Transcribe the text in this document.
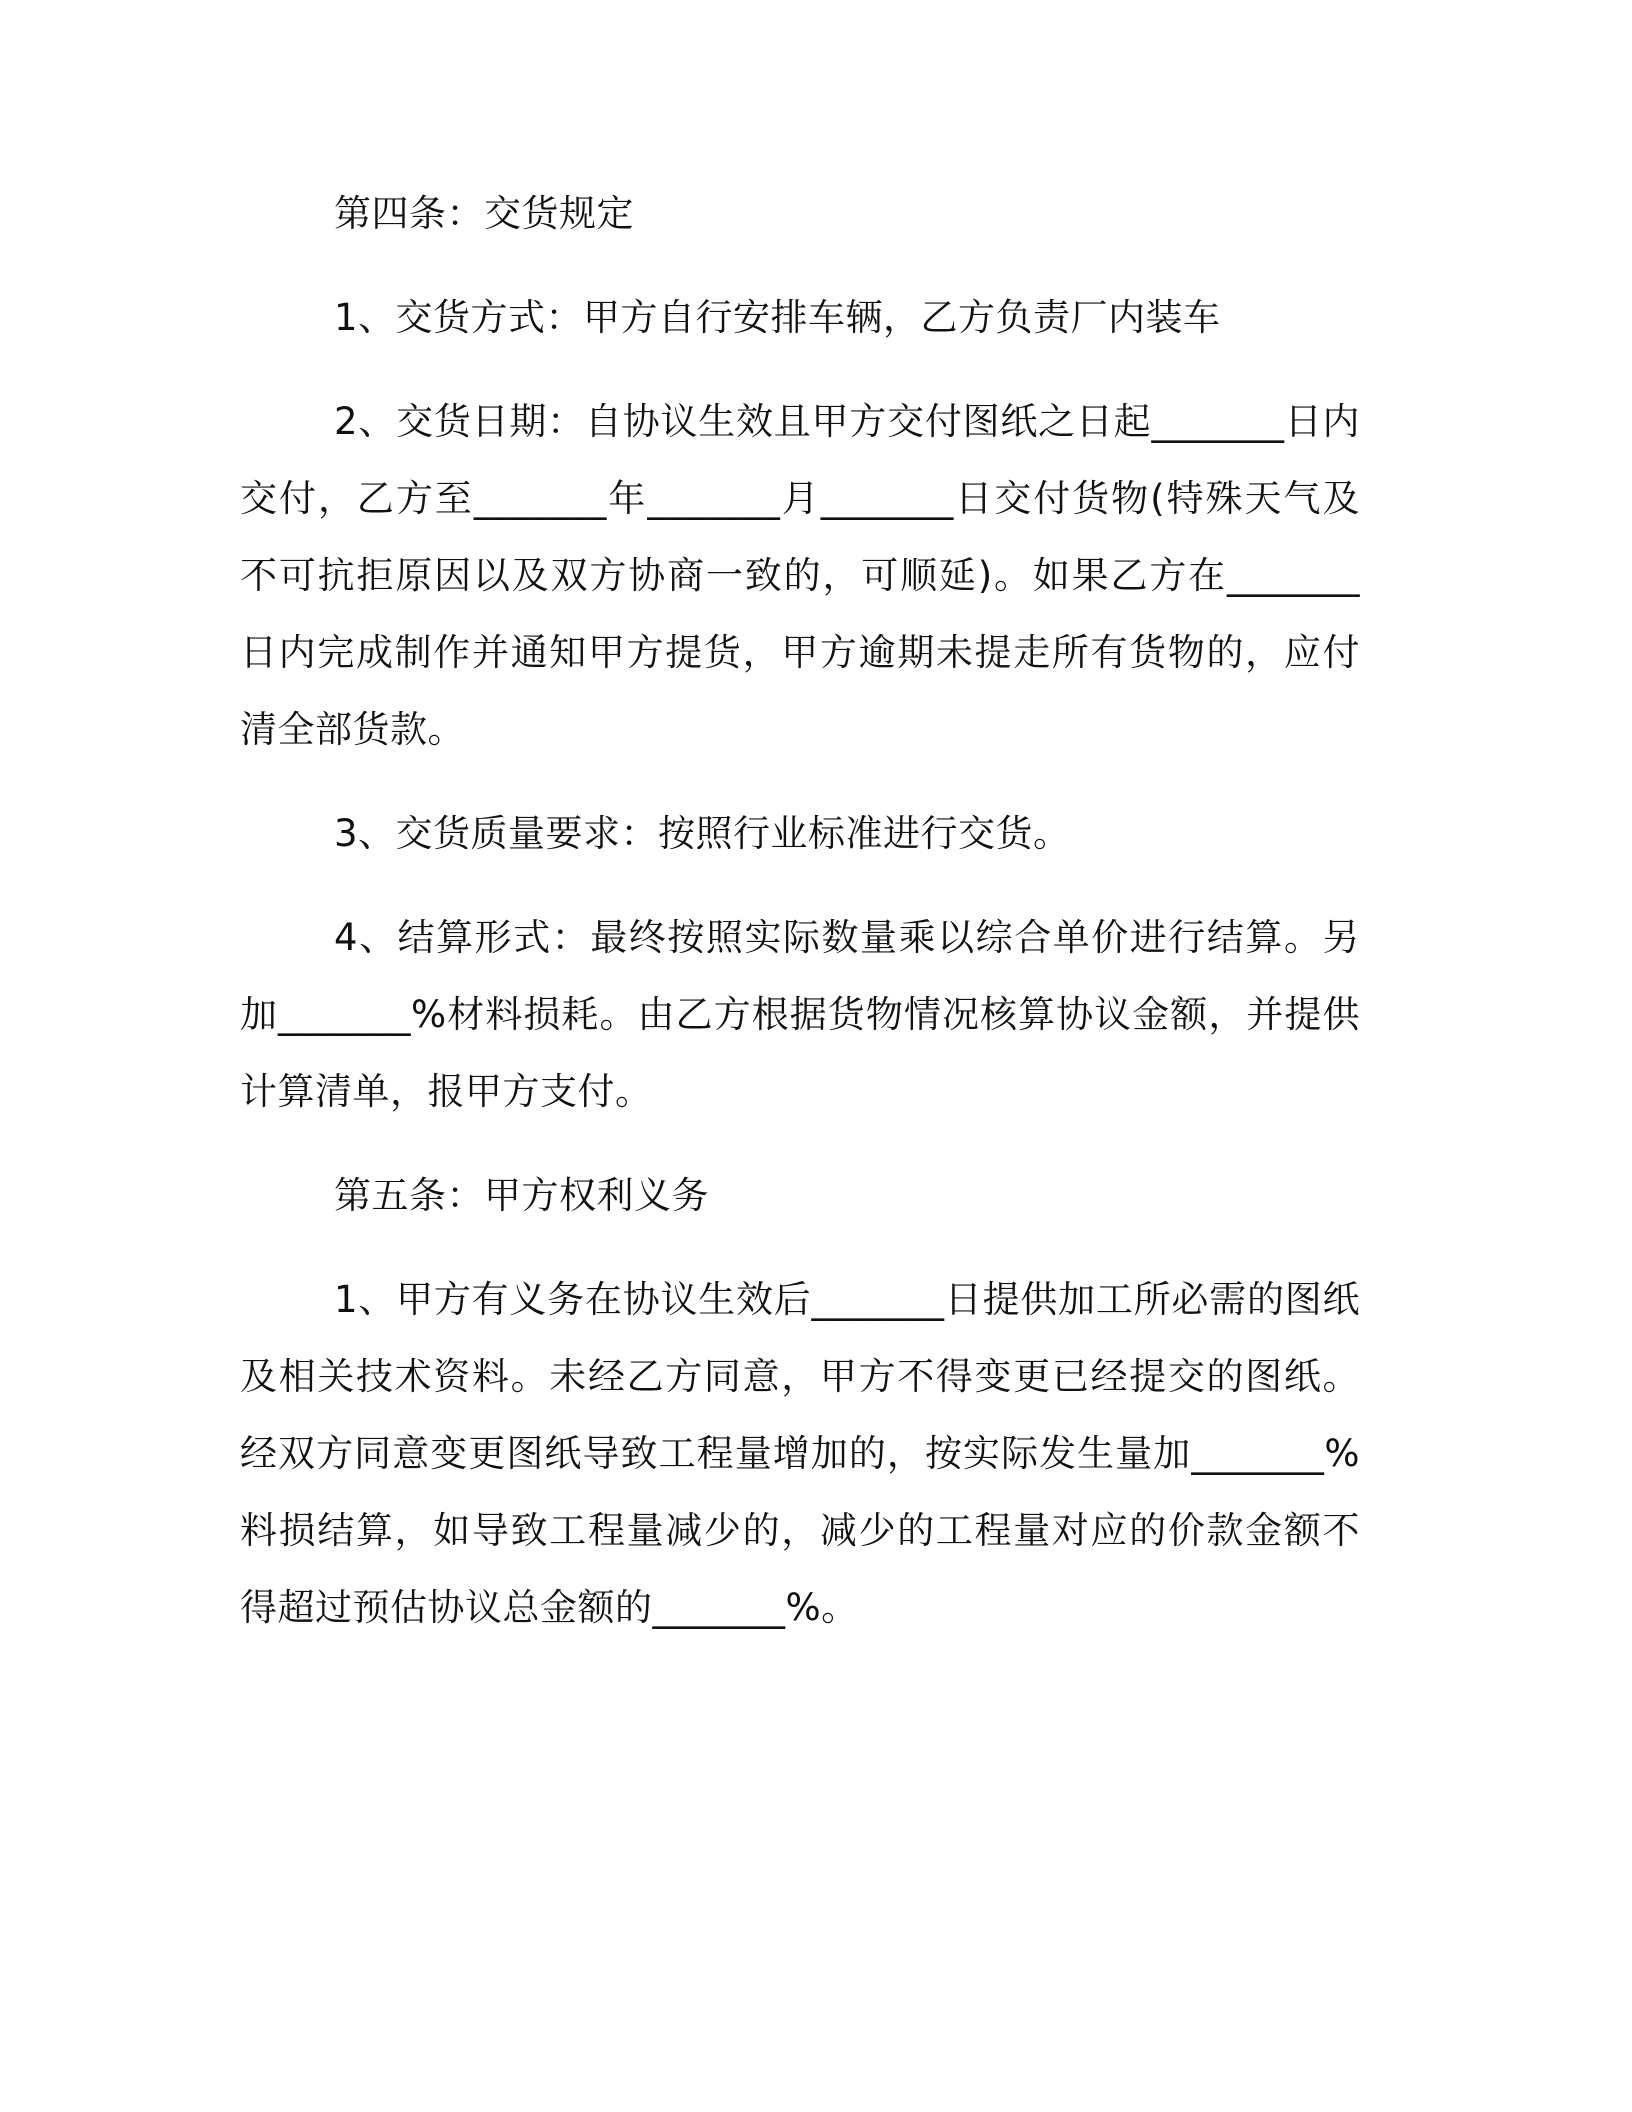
第四条：交货规定

1、交货方式：甲方自行安排车辆，乙方负责厂内装车

2、交货日期：自协议生效且甲方交付图纸之日起_______日内交付，乙方至_______年_______月_______日交付货物(特殊天气及不可抗拒原因以及双方协商一致的，可顺延)。如果乙方在_______日内完成制作并通知甲方提货，甲方逾期未提走所有货物的，应付清全部货款。

3、交货质量要求：按照行业标准进行交货。

4、结算形式：最终按照实际数量乘以综合单价进行结算。另加_______%材料损耗。由乙方根据货物情况核算协议金额，并提供计算清单，报甲方支付。

第五条：甲方权利义务

1、甲方有义务在协议生效后_______日提供加工所必需的图纸及相关技术资料。未经乙方同意，甲方不得变更已经提交的图纸。经双方同意变更图纸导致工程量增加的，按实际发生量加_______%料损结算，如导致工程量减少的，减少的工程量对应的价款金额不得超过预估协议总金额的_______%。
